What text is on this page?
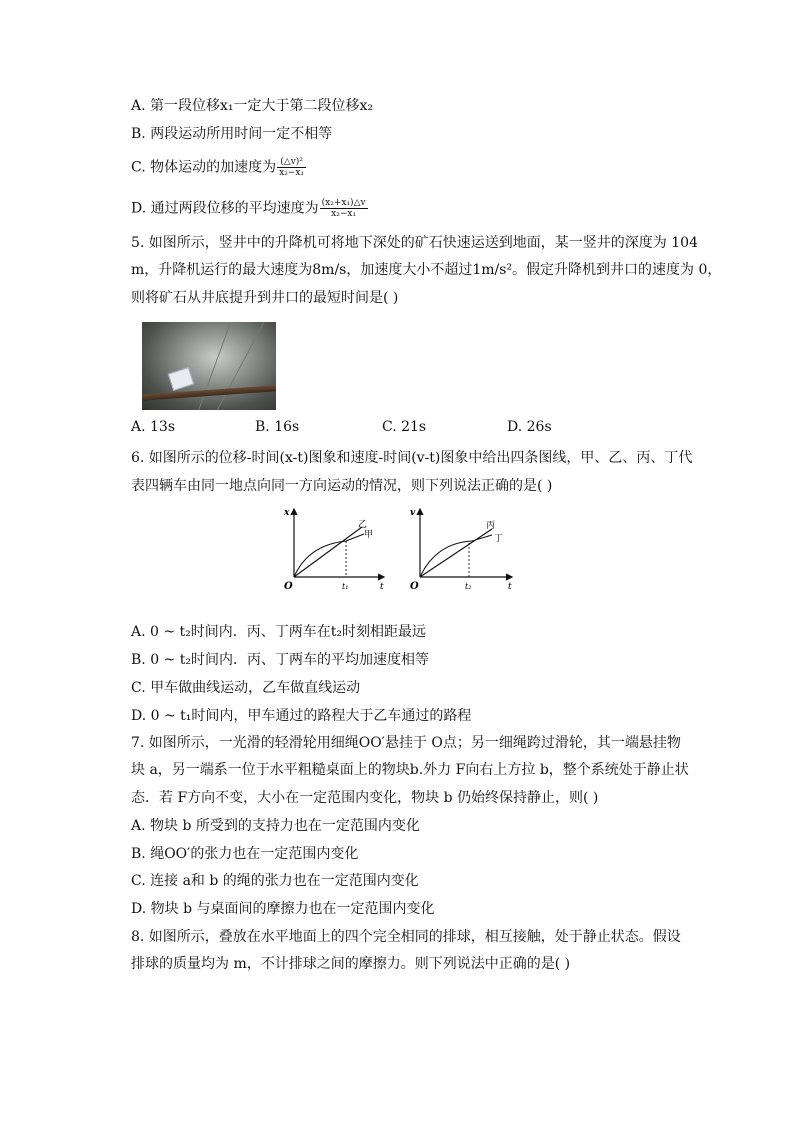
A. 第一段位移x₁一定大于第二段位移x₂
B. 两段运动所用时间一定不相等
C. 物体运动的加速度为 $\frac{\text{(△v)²}}{\text{x₂−x₁}}$
D. 通过两段位移的平均速度为 $\frac{\text{(x₂+x₁)△v}}{\text{x₂−x₁}}$
5. 如图所示，竖井中的升降机可将地下深处的矿石快速运送到地面，某一竖井的深度为 104
m，升降机运行的最大速度为8m/s，加速度大小不超过1m/s²。假定升降机到井口的速度为 0，
则将矿石从井底提升到井口的最短时间是( )
A. 13s	B. 16s	C. 21s	D. 26s
6. 如图所示的位移-时间(x-t)图象和速度-时间(v-t)图象中给出四条图线，甲、乙、丙、丁代
表四辆车由同一地点向同一方向运动的情况，则下列说法正确的是( )
x
t
O	t₁
乙
甲
v
t
O	t₂
丙
丁
A. 0 ~ t₂时间内．丙、丁两车在t₂时刻相距最远
B. 0 ~ t₂时间内．丙、丁两车的平均加速度相等
C. 甲车做曲线运动，乙车做直线运动
D. 0 ~ t₁时间内，甲车通过的路程大于乙车通过的路程
7. 如图所示，一光滑的轻滑轮用细绳OO′悬挂于 O点；另一细绳跨过滑轮，其一端悬挂物
块 a，另一端系一位于水平粗糙桌面上的物块b.外力 F向右上方拉 b，整个系统处于静止状
态．若 F方向不变，大小在一定范围内变化，物块 b 仍始终保持静止，则( )
A. 物块 b 所受到的支持力也在一定范围内变化
B. 绳OO′的张力也在一定范围内变化
C. 连接 a和 b 的绳的张力也在一定范围内变化
D. 物块 b 与桌面间的摩擦力也在一定范围内变化
8. 如图所示，叠放在水平地面上的四个完全相同的排球，相互接触，处于静止状态。假设
排球的质量均为 m，不计排球之间的摩擦力。则下列说法中正确的是( )
